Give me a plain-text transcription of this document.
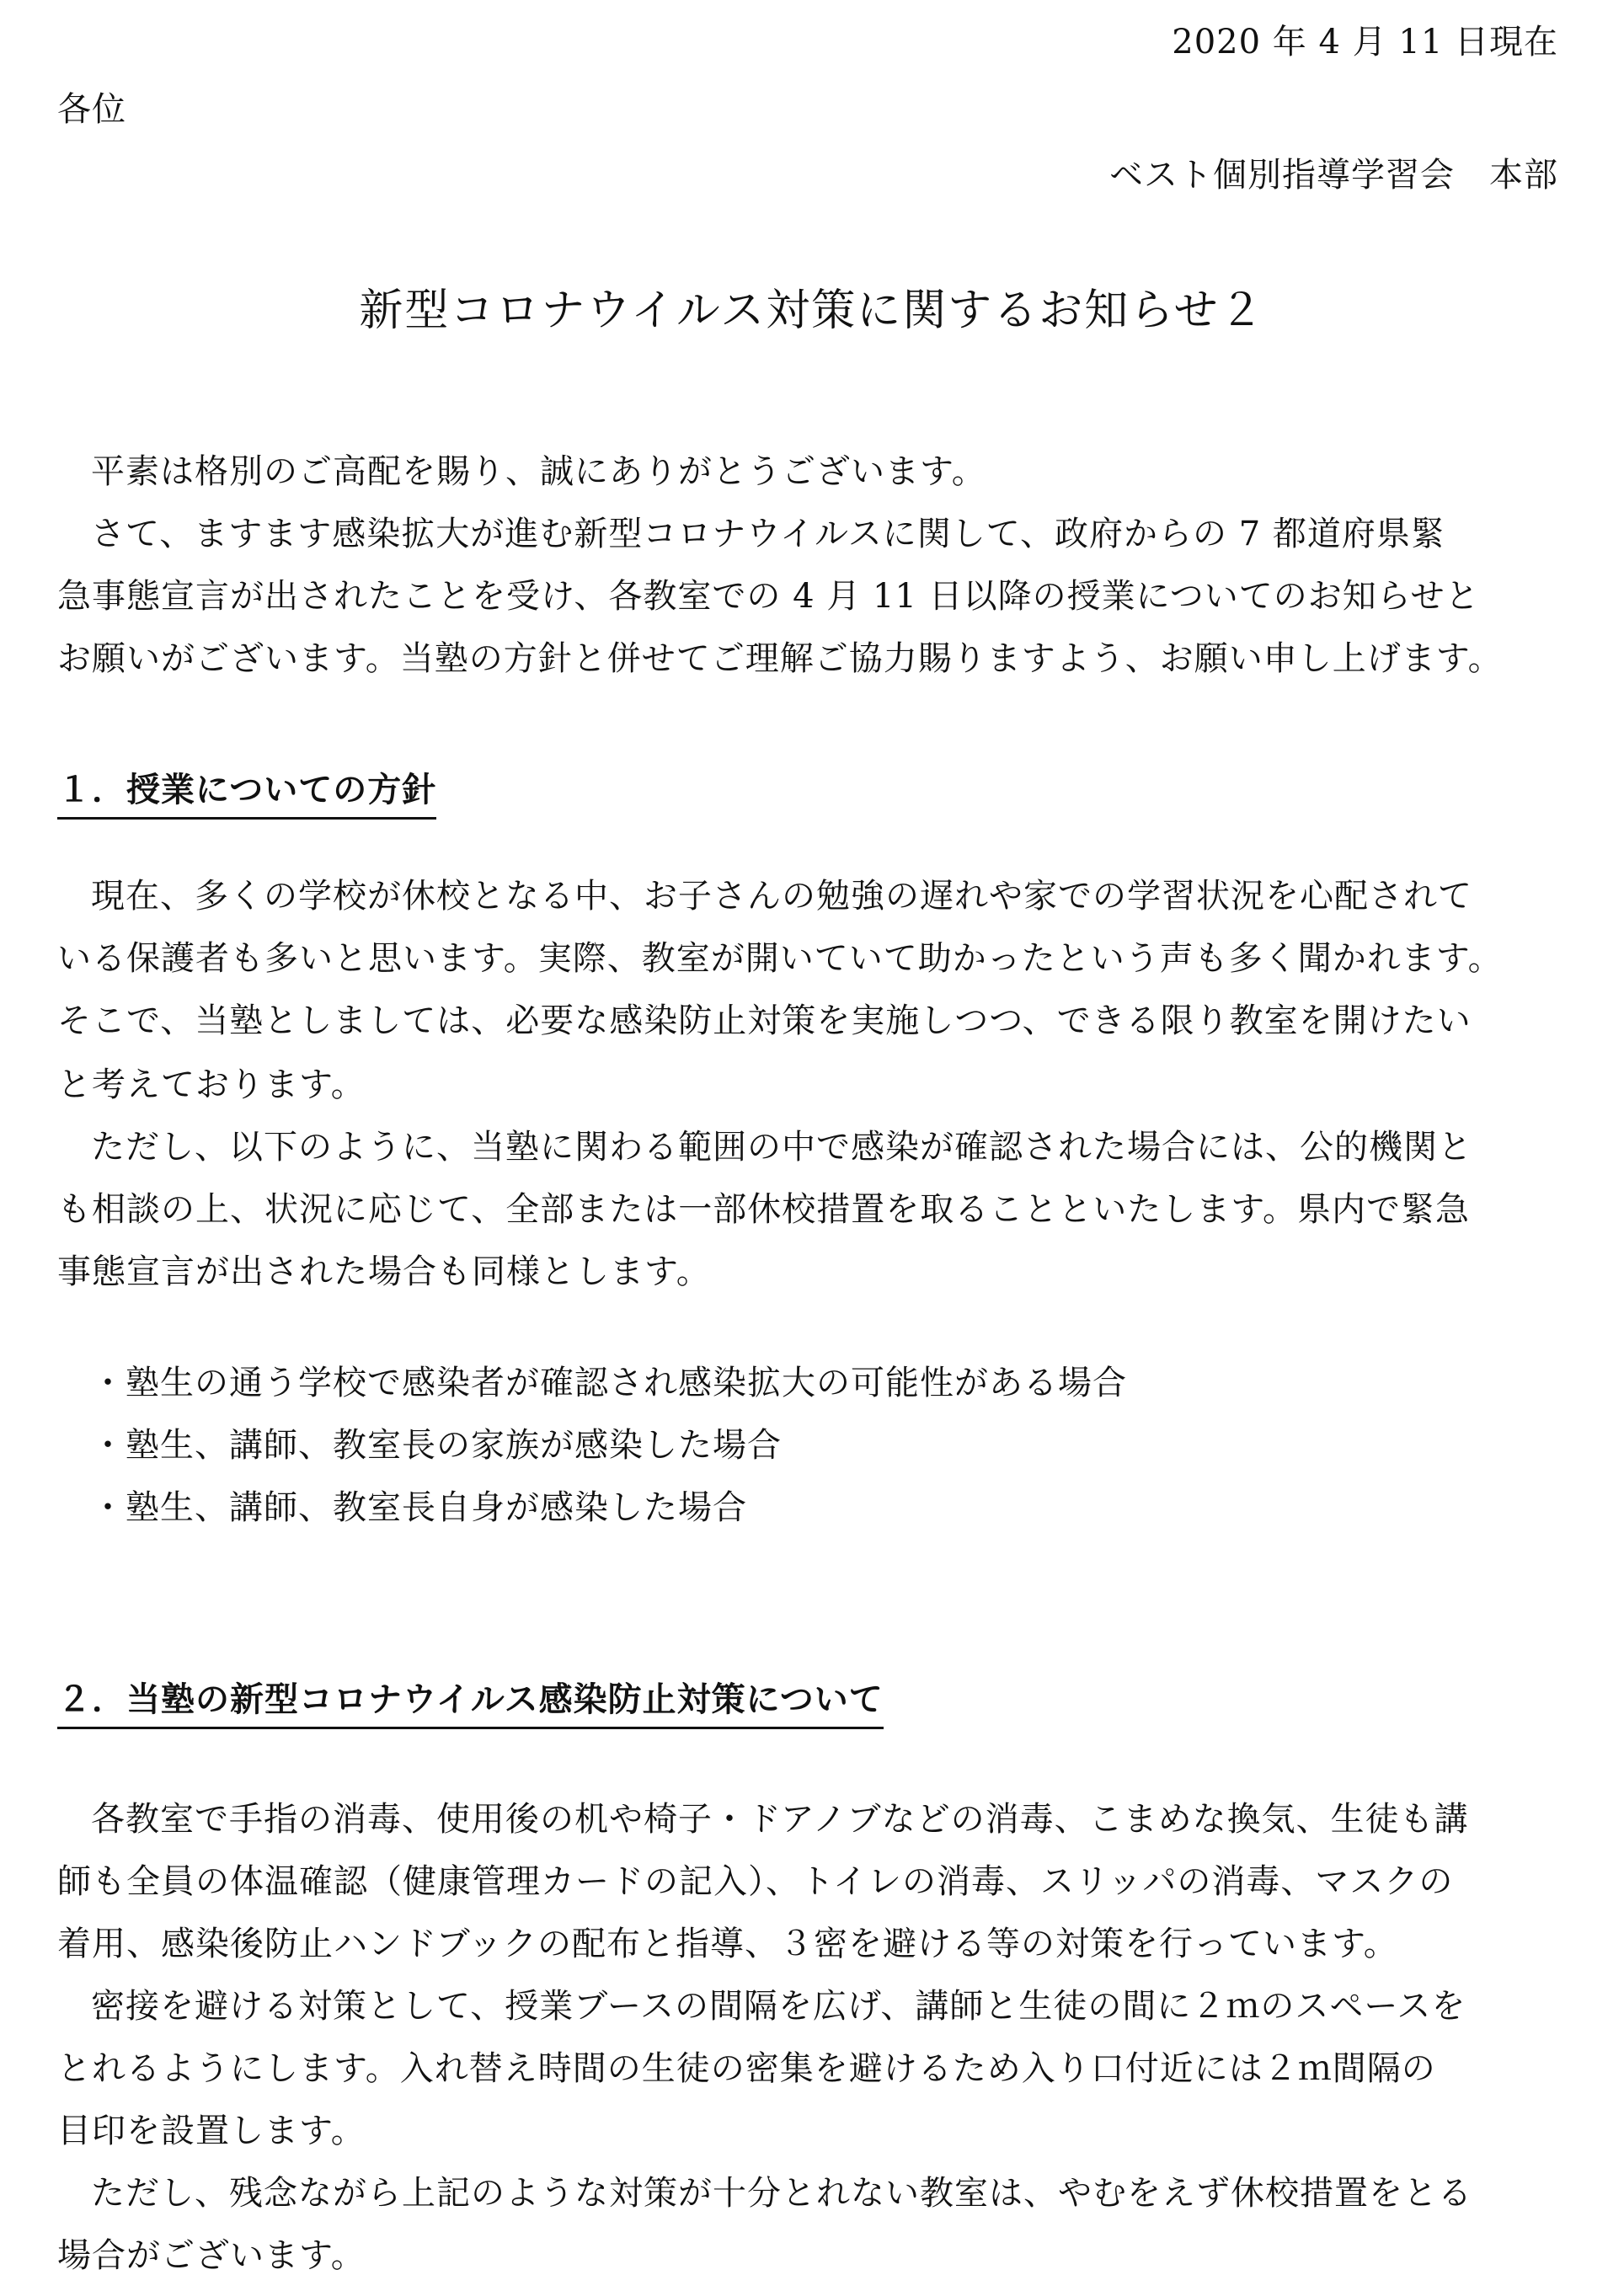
2020 年 4 月 11 日現在
各位
ベスト個別指導学習会　本部
新型コロナウイルス対策に関するお知らせ２
平素は格別のご高配を賜り、誠にありがとうございます。
さて、ますます感染拡大が進む新型コロナウイルスに関して、政府からの 7 都道府県緊
急事態宣言が出されたことを受け、各教室での 4 月 11 日以降の授業についてのお知らせと
お願いがございます。当塾の方針と併せてご理解ご協力賜りますよう、お願い申し上げます。
１．授業についての方針
現在、多くの学校が休校となる中、お子さんの勉強の遅れや家での学習状況を心配されて
いる保護者も多いと思います。実際、教室が開いていて助かったという声も多く聞かれます。
そこで、当塾としましては、必要な感染防止対策を実施しつつ、できる限り教室を開けたい
と考えております。
ただし、以下のように、当塾に関わる範囲の中で感染が確認された場合には、公的機関と
も相談の上、状況に応じて、全部または一部休校措置を取ることといたします。県内で緊急
事態宣言が出された場合も同様とします。
・塾生の通う学校で感染者が確認され感染拡大の可能性がある場合
・塾生、講師、教室長の家族が感染した場合
・塾生、講師、教室長自身が感染した場合
２．当塾の新型コロナウイルス感染防止対策について
各教室で手指の消毒、使用後の机や椅子・ドアノブなどの消毒、こまめな換気、生徒も講
師も全員の体温確認（健康管理カードの記入）、トイレの消毒、スリッパの消毒、マスクの
着用、感染後防止ハンドブックの配布と指導、３密を避ける等の対策を行っています。
密接を避ける対策として、授業ブースの間隔を広げ、講師と生徒の間に２ｍのスペースを
とれるようにします。入れ替え時間の生徒の密集を避けるため入り口付近には２ｍ間隔の
目印を設置します。
ただし、残念ながら上記のような対策が十分とれない教室は、やむをえず休校措置をとる
場合がございます。
